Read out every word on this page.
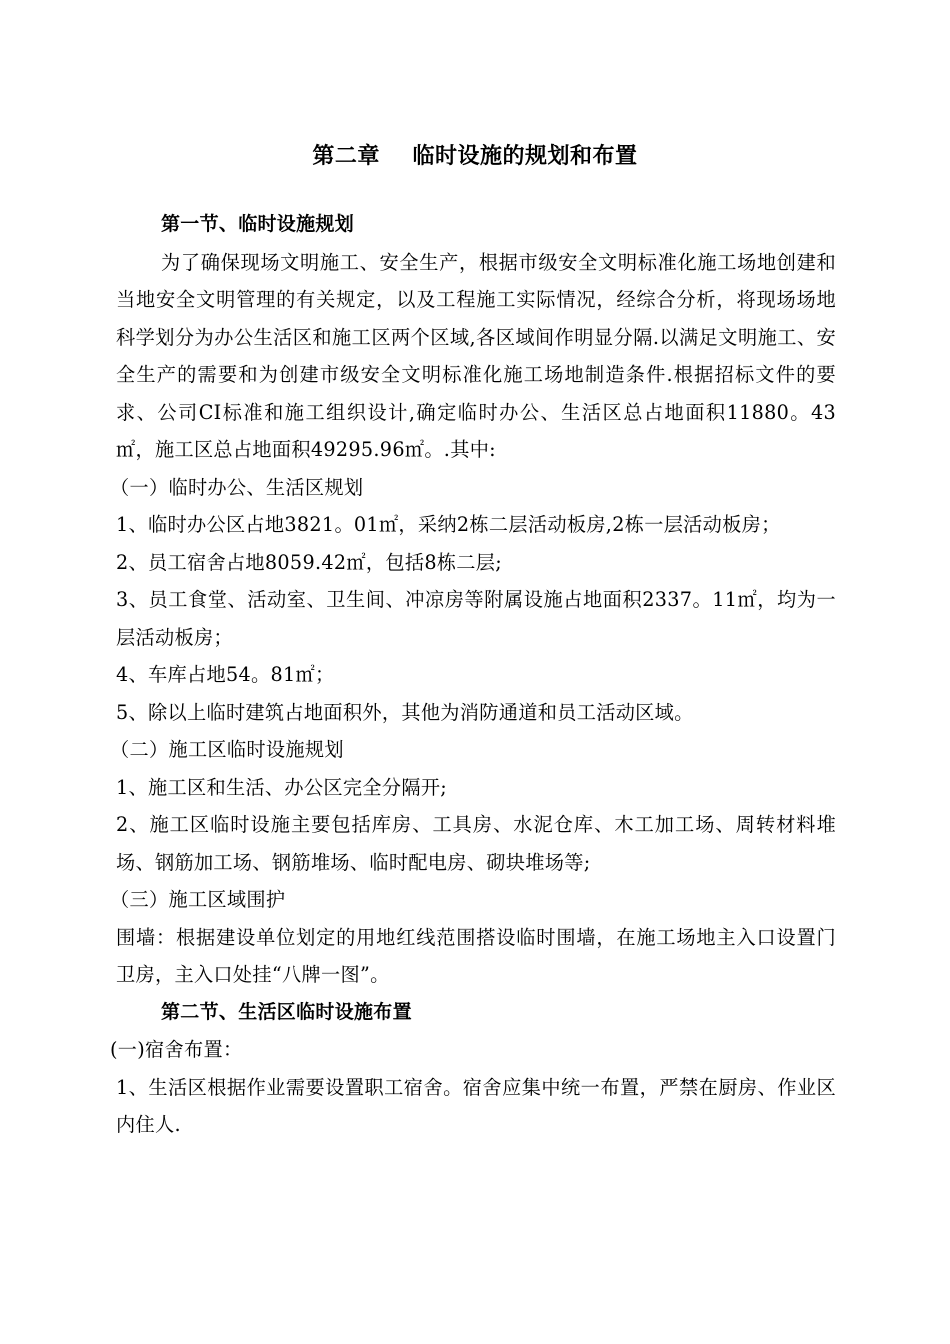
第二章    临时设施的规划和布置

第一节、临时设施规划

为了确保现场文明施工、安全生产，根据市级安全文明标准化施工场地创建和当地安全文明管理的有关规定，以及工程施工实际情况，经综合分析，将现场场地科学划分为办公生活区和施工区两个区域,各区域间作明显分隔.以满足文明施工、安全生产的需要和为创建市级安全文明标准化施工场地制造条件.根据招标文件的要求、公司CI标准和施工组织设计,确定临时办公、生活区总占地面积11880。43㎡，施工区总占地面积49295.96㎡。.其中:

（一）临时办公、生活区规划

1、临时办公区占地3821。01㎡，采纳2栋二层活动板房,2栋一层活动板房；

2、员工宿舍占地8059.42㎡，包括8栋二层;

3、员工食堂、活动室、卫生间、冲凉房等附属设施占地面积2337。11㎡，均为一层活动板房；

4、车库占地54。81㎡；

5、除以上临时建筑占地面积外，其他为消防通道和员工活动区域。

（二）施工区临时设施规划

1、施工区和生活、办公区完全分隔开;

2、施工区临时设施主要包括库房、工具房、水泥仓库、木工加工场、周转材料堆场、钢筋加工场、钢筋堆场、临时配电房、砌块堆场等;

（三）施工区域围护

围墙：根据建设单位划定的用地红线范围搭设临时围墙，在施工场地主入口设置门卫房，主入口处挂“八牌一图”。

第二节、生活区临时设施布置

(一)宿舍布置：

1、生活区根据作业需要设置职工宿舍。宿舍应集中统一布置，严禁在厨房、作业区内住人.
